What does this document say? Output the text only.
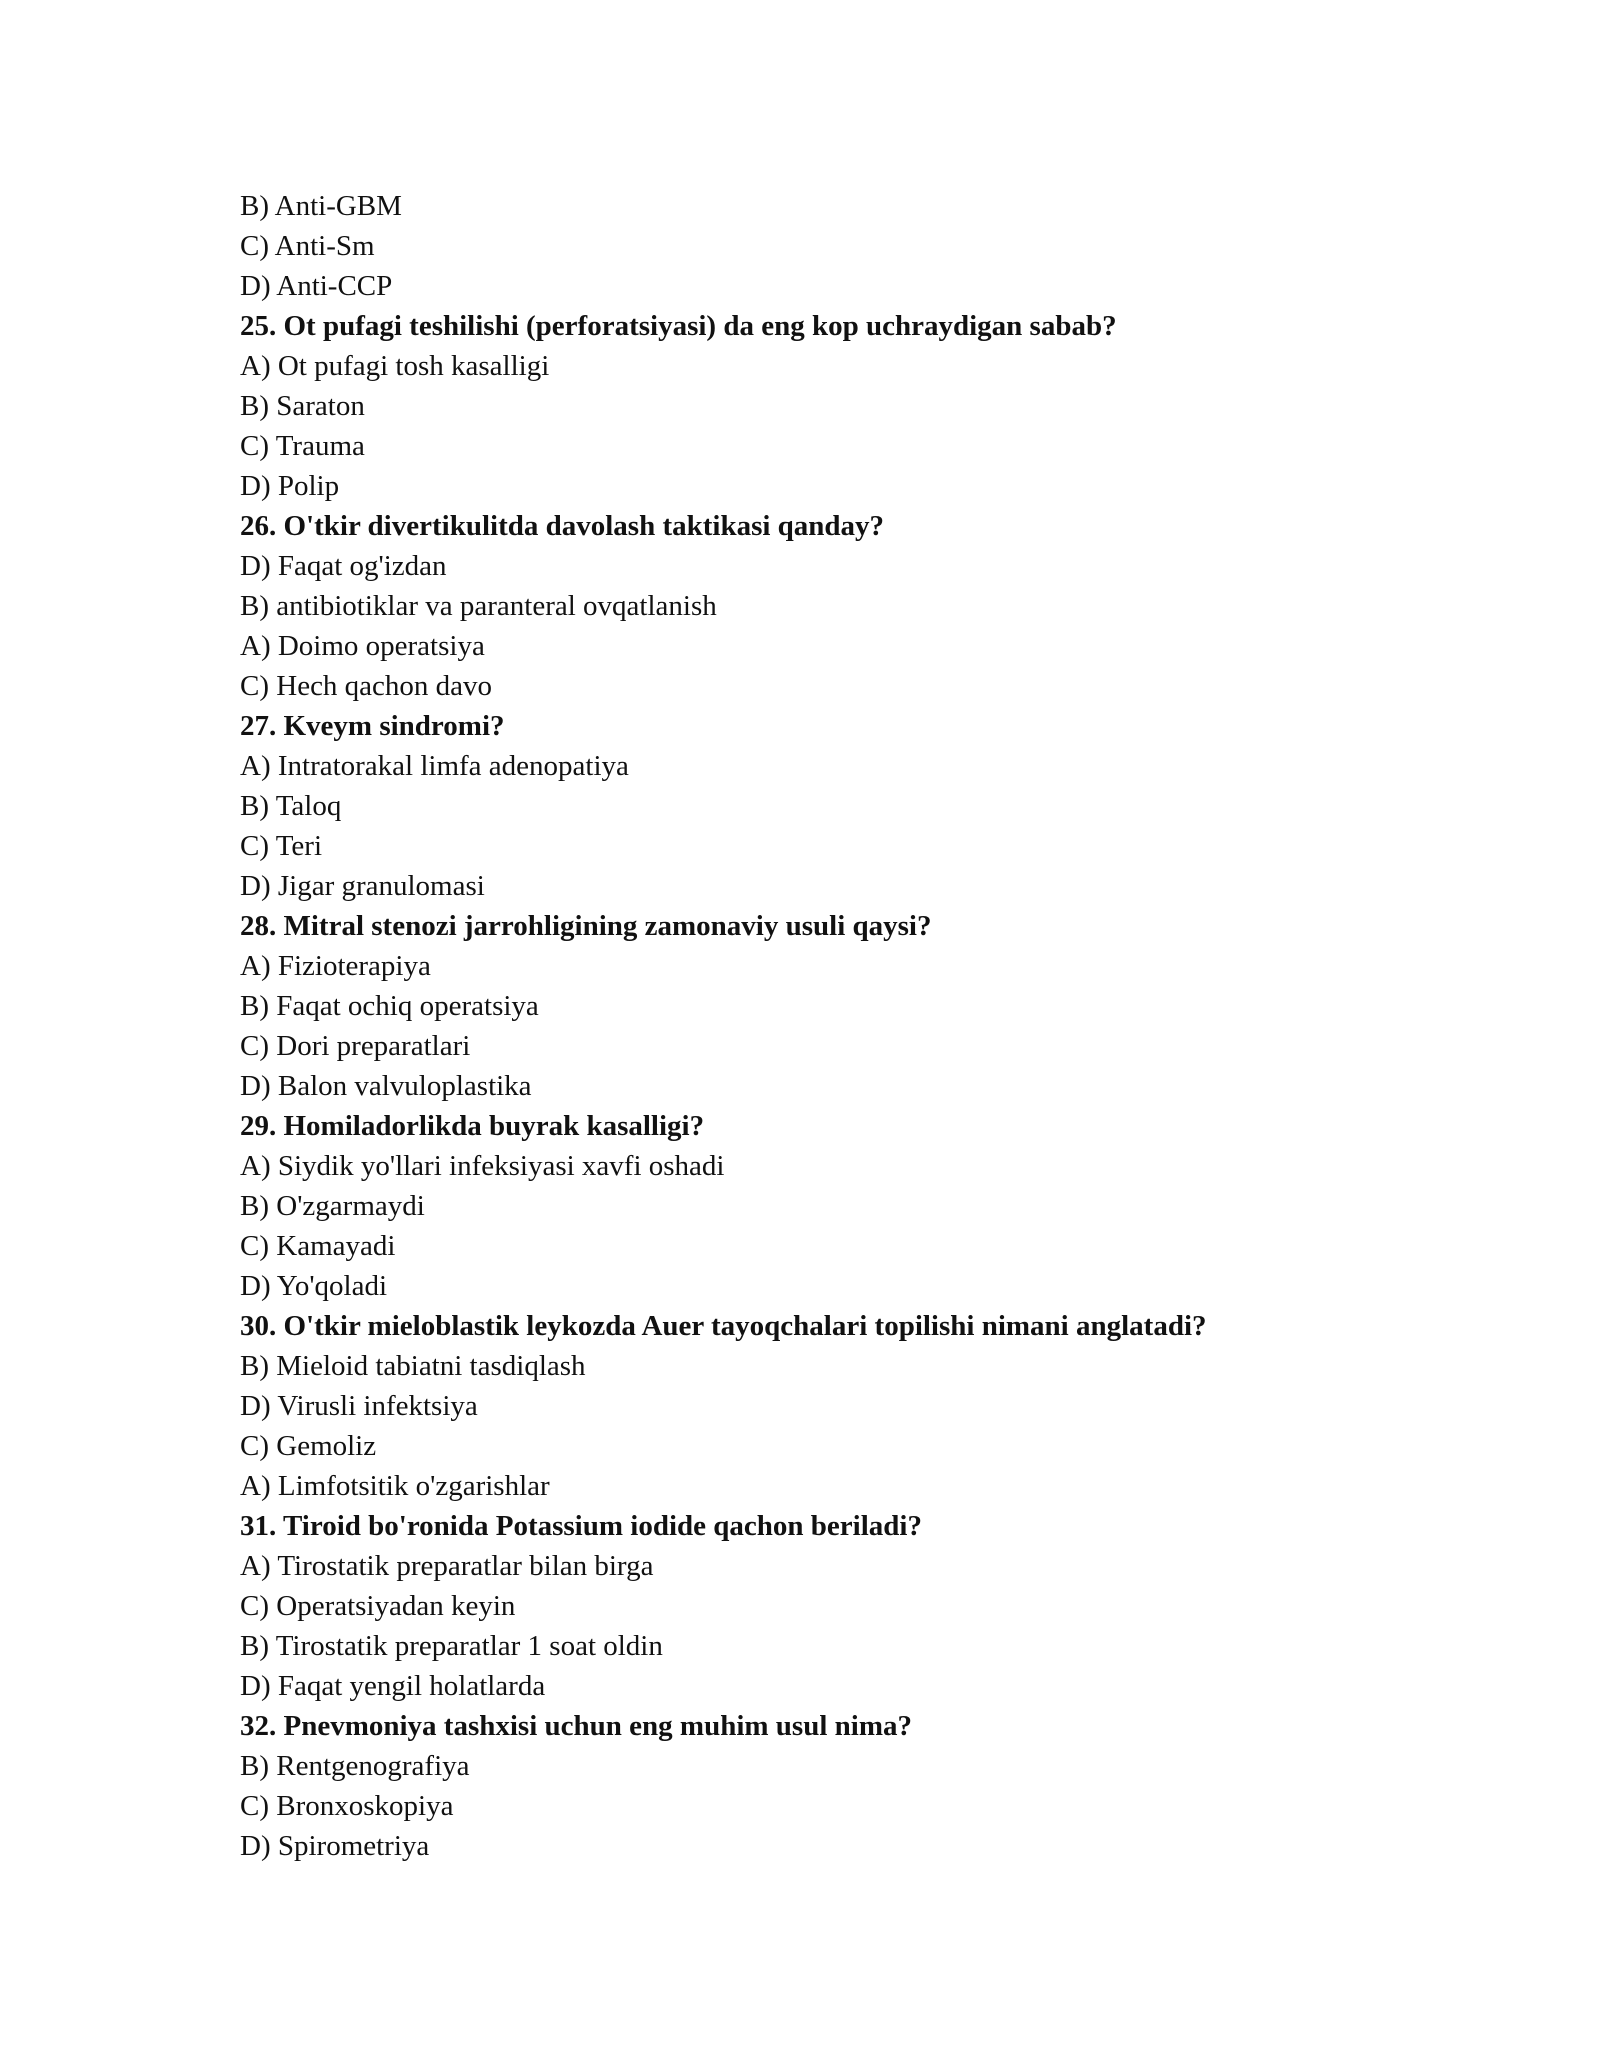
B) Anti-GBM
C) Anti-Sm
D) Anti-CCP
25. Ot pufagi teshilishi (perforatsiyasi) da eng kop uchraydigan sabab?
A) Ot pufagi tosh kasalligi
B) Saraton
C) Trauma
D) Polip
26. O'tkir divertikulitda davolash taktikasi qanday?
D) Faqat og'izdan
B) antibiotiklar va paranteral ovqatlanish
A) Doimo operatsiya
C) Hech qachon davo
27. Kveym sindromi?
A) Intratorakal limfa adenopatiya
B) Taloq
C) Teri
D) Jigar granulomasi
28. Mitral stenozi jarrohligining zamonaviy usuli qaysi?
A) Fizioterapiya
B) Faqat ochiq operatsiya
C) Dori preparatlari
D) Balon valvuloplastika
29. Homiladorlikda buyrak kasalligi?
A) Siydik yo'llari infeksiyasi xavfi oshadi
B) O'zgarmaydi
C) Kamayadi
D) Yo'qoladi
30. O'tkir mieloblastik leykozda Auer tayoqchalari topilishi nimani anglatadi?
B) Mieloid tabiatni tasdiqlash
D) Virusli infektsiya
C) Gemoliz
A) Limfotsitik o'zgarishlar
31. Tiroid bo'ronida Potassium iodide qachon beriladi?
A) Tirostatik preparatlar bilan birga
C) Operatsiyadan keyin
B) Tirostatik preparatlar 1 soat oldin
D) Faqat yengil holatlarda
32. Pnevmoniya tashxisi uchun eng muhim usul nima?
B) Rentgenografiya
C) Bronxoskopiya
D) Spirometriya
